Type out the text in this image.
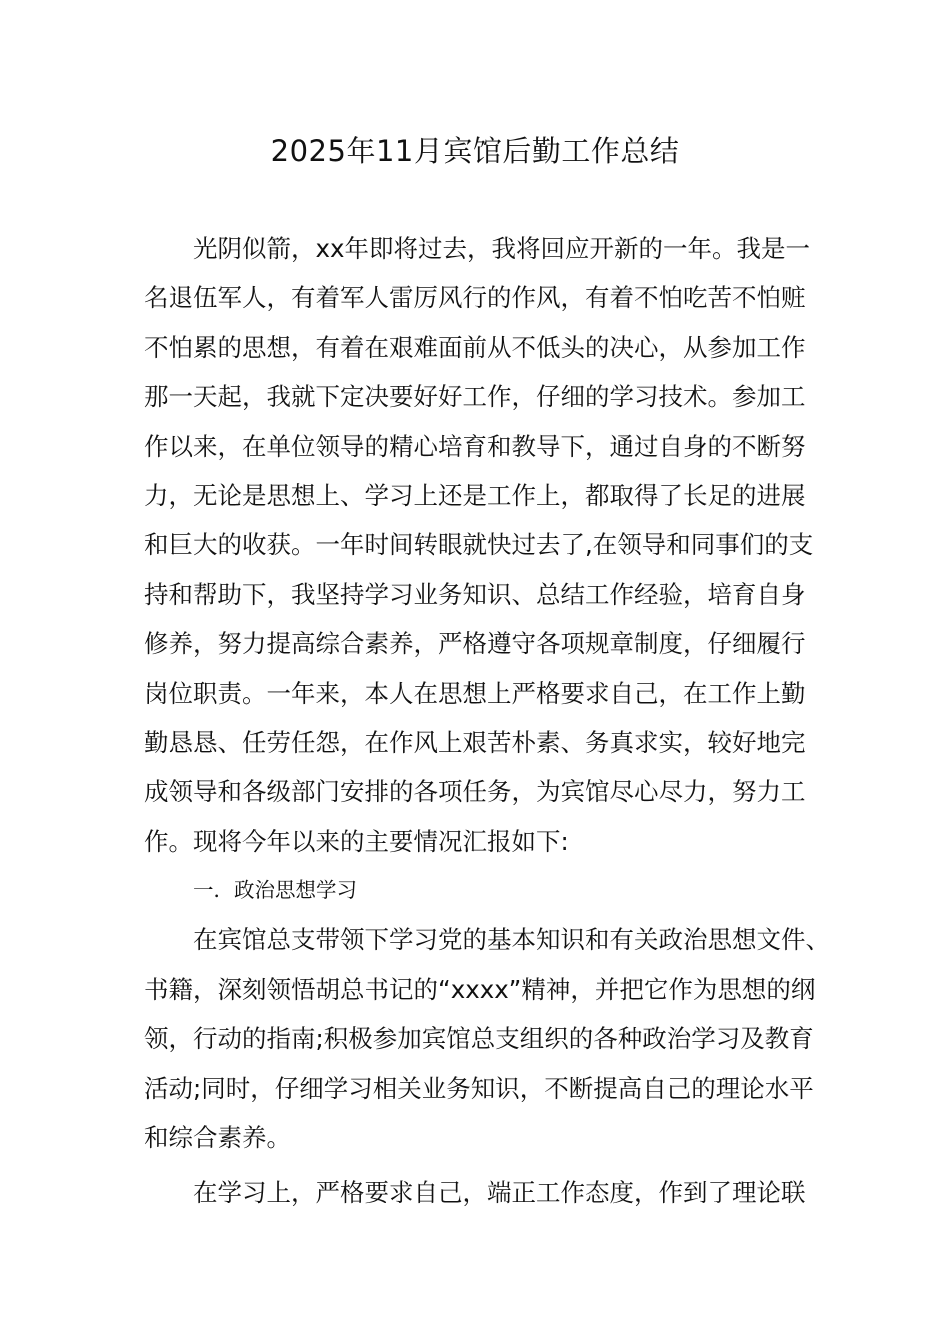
2025年11月宾馆后勤工作总结
光阴似箭，xx年即将过去，我将回应开新的一年。我是一
名退伍军人，有着军人雷厉风行的作风，有着不怕吃苦不怕赃
不怕累的思想，有着在艰难面前从不低头的决心，从参加工作
那一天起，我就下定决要好好工作，仔细的学习技术。参加工
作以来，在单位领导的精心培育和教导下，通过自身的不断努
力，无论是思想上、学习上还是工作上，都取得了长足的进展
和巨大的收获。一年时间转眼就快过去了,在领导和同事们的支
持和帮助下，我坚持学习业务知识、总结工作经验，培育自身
修养，努力提高综合素养，严格遵守各项规章制度，仔细履行
岗位职责。一年来，本人在思想上严格要求自己，在工作上勤
勤恳恳、任劳任怨，在作风上艰苦朴素、务真求实，较好地完
成领导和各级部门安排的各项任务，为宾馆尽心尽力，努力工
作。现将今年以来的主要情况汇报如下:
一．政治思想学习
在宾馆总支带领下学习党的基本知识和有关政治思想文件、
书籍，深刻领悟胡总书记的“xxxx”精神，并把它作为思想的纲
领，行动的指南;积极参加宾馆总支组织的各种政治学习及教育
活动;同时，仔细学习相关业务知识，不断提高自己的理论水平
和综合素养。
在学习上，严格要求自己，端正工作态度，作到了理论联
